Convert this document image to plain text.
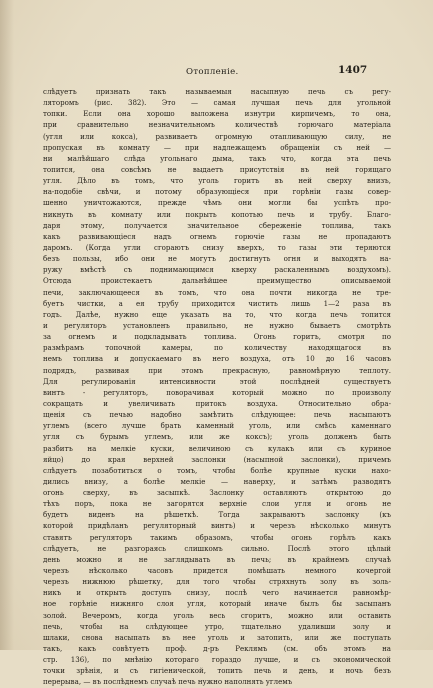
Отопленіе.	1407
слѣдуетъ признать такъ называемыя насыпную печь съ регу-
ляторомъ (рис. 382). Это — самая лучшая печь для угольной
топки. Если она хорошо выложена изнутри кирпичемъ, то она,
при сравнительно незначительномъ количествѣ горючаго матеріала
(угля или кокса), развиваетъ огромную отапливающую силу, не
пропуская въ комнату — при надлежащемъ обращеніи съ ней —
ни малѣйшаго слѣда угольнаго дыма, такъ что, когда эта печь
топится, она совсѣмъ не выдаетъ присутствія въ ней горящаго
угля. Дѣло въ томъ, что уголь горитъ въ ней сверху внизъ,
на-подобіе свѣчи, и потому образующіеся при горѣніи газы совер-
шенно уничтожаются, прежде чѣмъ они могли бы успѣть про-
никнуть въ комнату или покрыть копотью печь и трубу. Благо-
даря этому, получается значительное сбереженіе топлива, такъ
какъ развивающіеся надъ огнемъ горючіе газы не пропадаютъ
даромъ. (Когда угли сгораютъ снизу вверхъ, то газы эти теряются
безъ пользы, ибо они не могутъ достигнуть огня и выходятъ на-
ружу вмѣстѣ съ поднимающимся кверху раскаленнымъ воздухомъ).
Отсюда проистекаетъ дальнѣйшее преимущество описываемой
печи, заключающееся въ томъ, что она почти никогда не тре-
буетъ чистки, а ея трубу приходится чистить лишь 1—2 раза въ
годъ. Далѣе, нужно еще указать на то, что когда печь топится
и регуляторъ установленъ правильно, не нужно бываетъ смотрѣть
за огнемъ и подкладывать топлива. Огонь горитъ, смотря по
размѣрамъ топочной камеры, по количеству находящагося въ
немъ топлива и допускаемаго въ него воздуха, отъ 10 до 16 часовъ
подрядъ, развивая при этомъ прекрасную, равномѣрную теплоту.
Для регулированія интенсивности этой послѣдней существуетъ
винтъ - регуляторъ, поворачивая который можно по произволу
сокращать и увеличивать притокъ воздуха. Относительно обра-
щенія съ печью надобно замѣтить слѣдующее: печь насыпаютъ
углемъ (всего лучше брать каменный уголь, или смѣсь каменнаго
угля съ бурымъ углемъ, или же коксъ); уголь долженъ быть
разбитъ на мелкіе куски, величиною съ кулакъ или съ куриное
яйцо) до края верхней заслонки (насыпной заслонки), причемъ
слѣдуетъ позаботиться о томъ, чтобы болѣе крупные куски нахо-
дились внизу, а болѣе мелкіе — наверху, и затѣмъ разводятъ
огонь сверху, въ засыпкѣ. Заслонку оставляютъ открытою до
тѣхъ поръ, пока не загорятся верхніе слои угля и огонь не
будетъ виденъ на рѣшеткѣ. Тогда закрываютъ заслонку (къ
которой придѣланъ регуляторный винтъ) и черезъ нѣсколько минутъ
ставятъ регуляторъ такимъ образомъ, чтобы огонь горѣлъ какъ
слѣдуетъ, не разгораясь слишкомъ сильно. Послѣ этого цѣлый
день можно и не заглядывать въ печь; въ крайнемъ случаѣ
черезъ нѣсколько часовъ придется помѣшать немного кочергой
черезъ нижнюю рѣшетку, для того чтобы стряхнуть золу въ золь-
никъ и открыть доступъ снизу, послѣ чего начинается равномѣр-
ное горѣніе нижняго слоя угля, который иначе былъ бы засыпанъ
золой. Вечеромъ, когда уголь весь сгоритъ, можно или оставить
печь, чтобы на слѣдующее утро, тщательно удаливши золу и
шлаки, снова насыпать въ нее уголь и затопить, или же поступать
такъ, какъ совѣтуетъ проф. д-ръ Реклямъ (см. объ этомъ на
стр. 136), по мнѣнію котораго гораздо лучше, и съ экономической
точки зрѣнія, и съ гигіенической, топить печь и день, и ночь безъ
перерыва, — въ послѣднемъ случаѣ печь нужно наполнять углемъ
